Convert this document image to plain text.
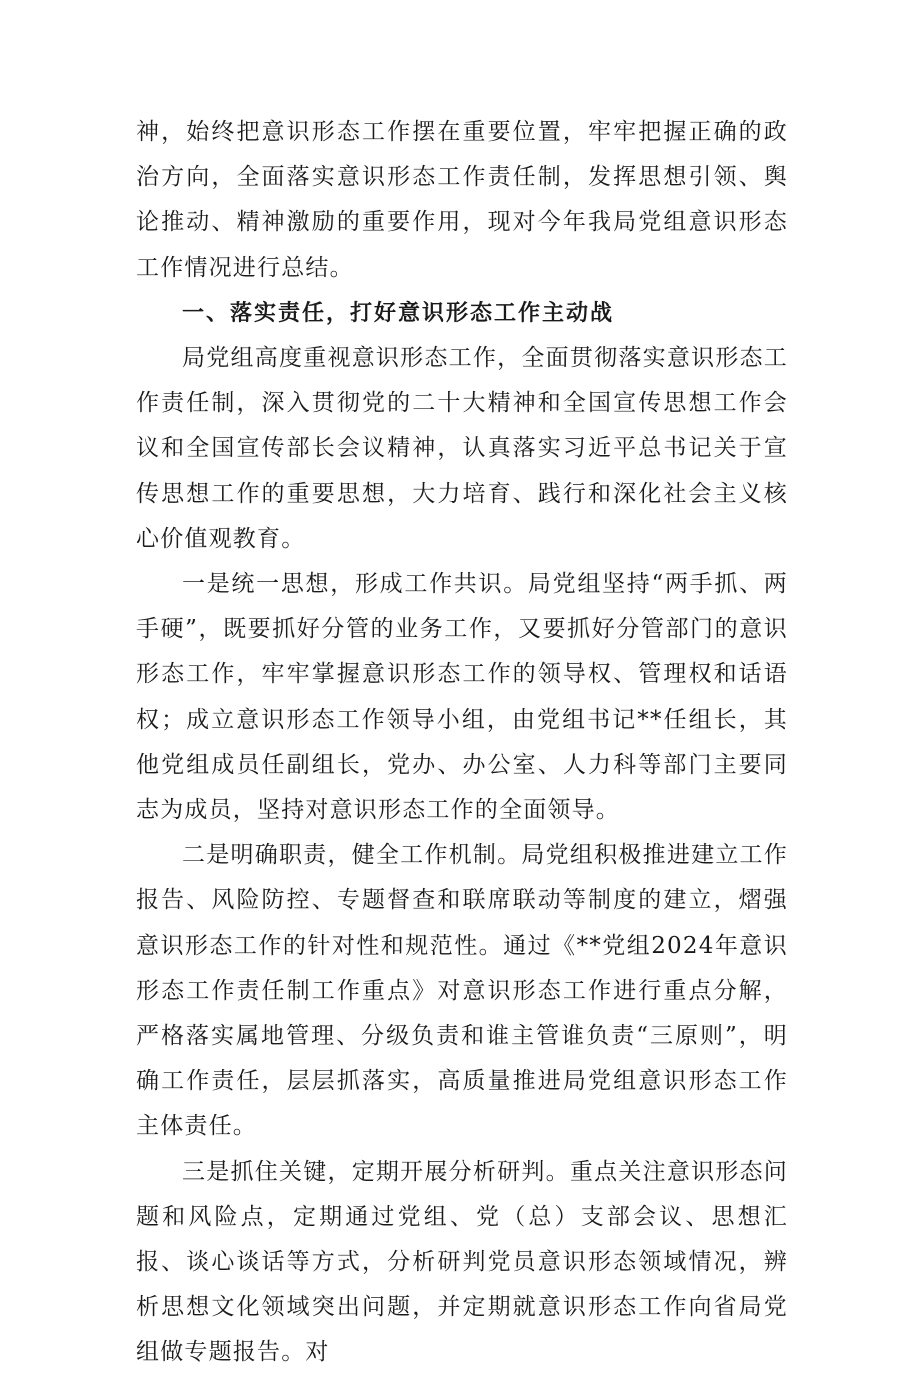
神，始终把意识形态工作摆在重要位置，牢牢把握正确的政治方向，全面落实意识形态工作责任制，发挥思想引领、舆论推动、精神激励的重要作用，现对今年我局党组意识形态工作情况进行总结。

一、落实责任，打好意识形态工作主动战

局党组高度重视意识形态工作，全面贯彻落实意识形态工作责任制，深入贯彻党的二十大精神和全国宣传思想工作会议和全国宣传部长会议精神，认真落实习近平总书记关于宣传思想工作的重要思想，大力培育、践行和深化社会主义核心价值观教育。

一是统一思想，形成工作共识。局党组坚持“两手抓、两手硬”，既要抓好分管的业务工作，又要抓好分管部门的意识形态工作，牢牢掌握意识形态工作的领导权、管理权和话语权；成立意识形态工作领导小组，由党组书记**任组长，其他党组成员任副组长，党办、办公室、人力科等部门主要同志为成员，坚持对意识形态工作的全面领导。

二是明确职责，健全工作机制。局党组积极推进建立工作报告、风险防控、专题督查和联席联动等制度的建立，熠强意识形态工作的针对性和规范性。通过《**党组2024年意识形态工作责任制工作重点》对意识形态工作进行重点分解，严格落实属地管理、分级负责和谁主管谁负责“三原则”，明确工作责任，层层抓落实，高质量推进局党组意识形态工作主体责任。

三是抓住关键，定期开展分析研判。重点关注意识形态问题和风险点，定期通过党组、党（总）支部会议、思想汇报、谈心谈话等方式，分析研判党员意识形态领域情况，辨析思想文化领域突出问题，并定期就意识形态工作向省局党组做专题报告。对
